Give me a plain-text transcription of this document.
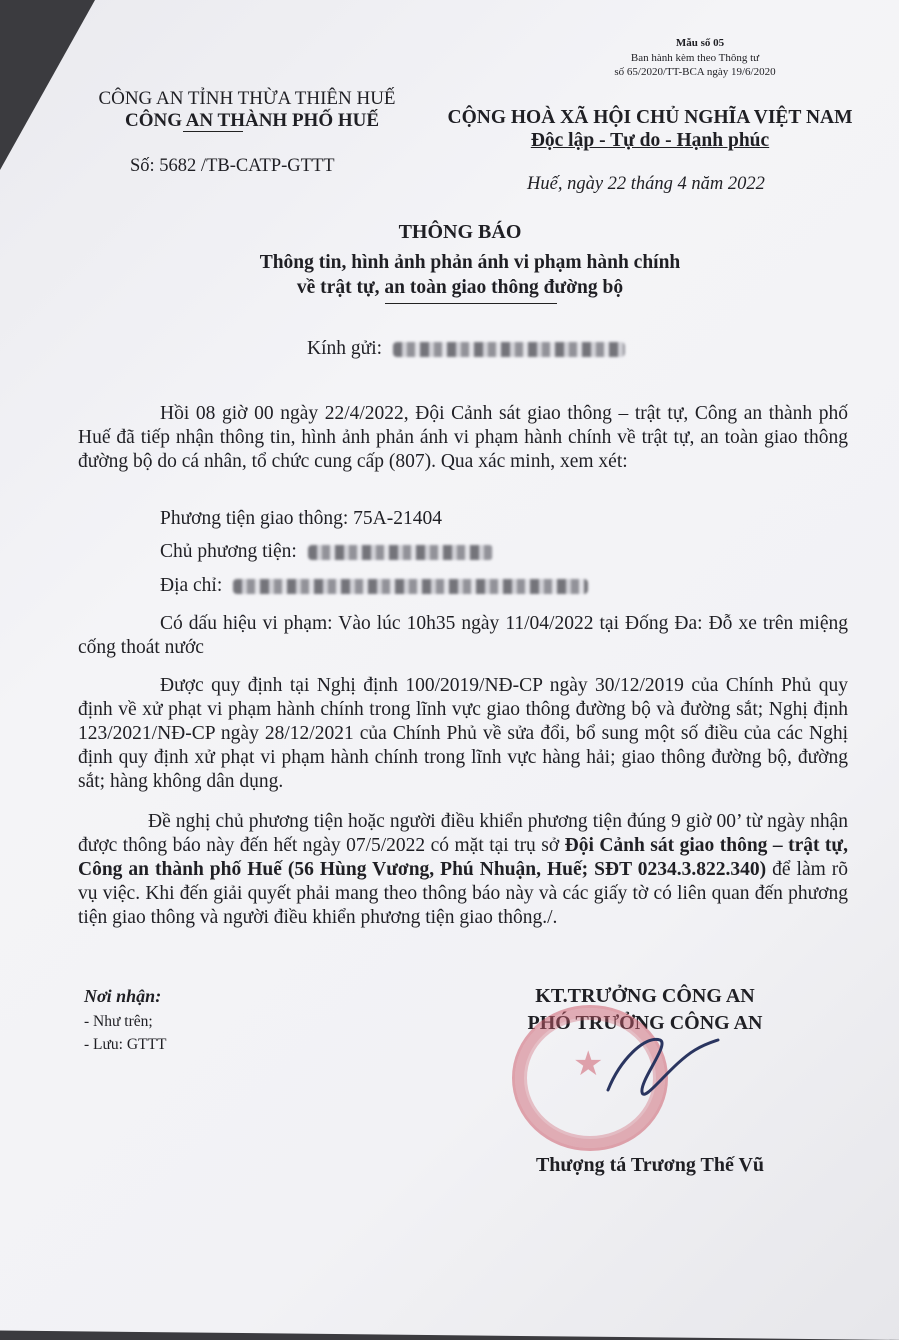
Mẫu số 05
Ban hành kèm theo Thông tư
số 65/2020/TT-BCA ngày 19/6/2020
CÔNG AN TỈNH THỪA THIÊN HUẾ
CÔNG AN THÀNH PHỐ HUẾ
Số: 5682 /TB-CATP-GTTT
CỘNG HOÀ XÃ HỘI CHỦ NGHĨA VIỆT NAM
Độc lập - Tự do - Hạnh phúc
Huế, ngày 22 tháng 4 năm 2022
THÔNG BÁO
Thông tin, hình ảnh phản ánh vi phạm hành chính
về trật tự, an toàn giao thông đường bộ
Kính gửi:
Hồi 08 giờ 00 ngày 22/4/2022, Đội Cảnh sát giao thông – trật tự, Công an thành phố Huế đã tiếp nhận thông tin, hình ảnh phản ánh vi phạm hành chính về trật tự, an toàn giao thông đường bộ do cá nhân, tổ chức cung cấp (807). Qua xác minh, xem xét:
Phương tiện giao thông: 75A-21404
Chủ phương tiện:
Địa chỉ:
Có dấu hiệu vi phạm: Vào lúc 10h35 ngày 11/04/2022 tại Đống Đa: Đỗ xe trên miệng cống thoát nước
Được quy định tại Nghị định 100/2019/NĐ-CP ngày 30/12/2019 của Chính Phủ quy định về xử phạt vi phạm hành chính trong lĩnh vực giao thông đường bộ và đường sắt; Nghị định 123/2021/NĐ-CP ngày 28/12/2021 của Chính Phủ về sửa đổi, bổ sung một số điều của các Nghị định quy định xử phạt vi phạm hành chính trong lĩnh vực hàng hải; giao thông đường bộ, đường sắt; hàng không dân dụng.
Đề nghị chủ phương tiện hoặc người điều khiển phương tiện đúng 9 giờ 00’ từ ngày nhận được thông báo này đến hết ngày 07/5/2022 có mặt tại trụ sở Đội Cảnh sát giao thông – trật tự, Công an thành phố Huế (56 Hùng Vương, Phú Nhuận, Huế; SĐT 0234.3.822.340) để làm rõ vụ việc. Khi đến giải quyết phải mang theo thông báo này và các giấy tờ có liên quan đến phương tiện giao thông và người điều khiển phương tiện giao thông./.
Nơi nhận:
- Như trên;
- Lưu: GTTT
KT.TRƯỞNG CÔNG AN
PHÓ TRƯỞNG CÔNG AN
★
Thượng tá Trương Thế Vũ
